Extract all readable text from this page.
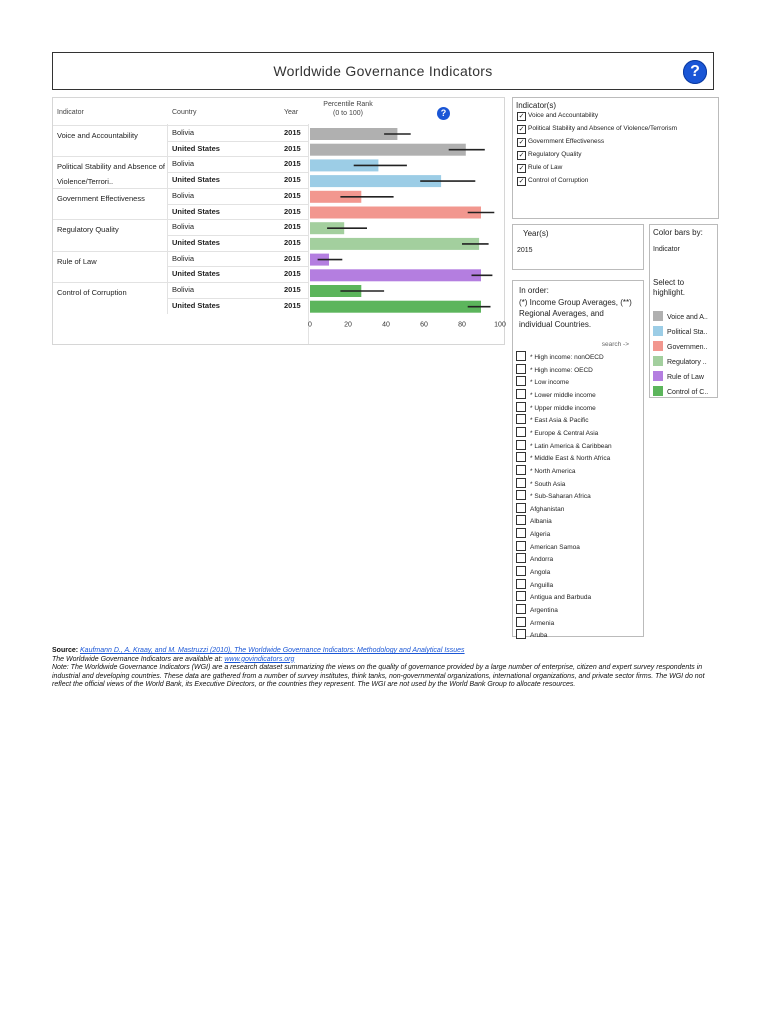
Worldwide Governance Indicators	?
Indicator	Country	Year
Percentile Rank
(0 to 100)	?
Voice and Accountability	Bolivia	2015
United States	2015
Political Stability and Absence of Violence/Terrori..
Bolivia	2015
United States	2015
Government Effectiveness	Bolivia	2015
United States	2015
Regulatory Quality	Bolivia	2015
United States	2015
Rule of Law	Bolivia	2015
United States	2015
Control of Corruption	Bolivia	2015
United States	2015
0	20	40	60	80	100
Indicator(s)
✓ Voice and Accountability
✓ Political Stability and Absence of Violence/Terrorism
✓ Government Effectiveness
✓ Regulatory Quality
✓ Rule of Law
✓ Control of Corruption
Year(s)
2015
Color bars by:
Indicator
Select to highlight.
Voice and A..
Political Sta..
Governmen..
Regulatory ..
Rule of Law
Control of C..
In order:
(*) Income Group Averages, (**) Regional Averages, and individual Countries.
search ->
* High income: nonOECD
* High income: OECD
* Low income
* Lower middle income
* Upper middle income
* East Asia & Pacific
* Europe & Central Asia
* Latin America & Caribbean
* Middle East & North Africa
* North America
* South Asia
* Sub-Saharan Africa
Afghanistan
Albania
Algeria
American Samoa
Andorra
Angola
Anguilla
Antigua and Barbuda
Argentina
Armenia
Aruba
Source: Kaufmann D., A. Kraay, and M. Mastruzzi (2010), The Worldwide Governance Indicators: Methodology and Analytical Issues
The Worldwide Governance Indicators are available at: www.govindicators.org
Note: The Worldwide Governance Indicators (WGI) are a research dataset summarizing the views on the quality of governance provided by a large number of enterprise, citizen and expert survey respondents in industrial and developing countries. These data are gathered from a number of survey institutes, think tanks, non-governmental organizations, international organizations, and private sector firms. The WGI do not reflect the official views of the World Bank, its Executive Directors, or the countries they represent. The WGI are not used by the World Bank Group to allocate resources.
